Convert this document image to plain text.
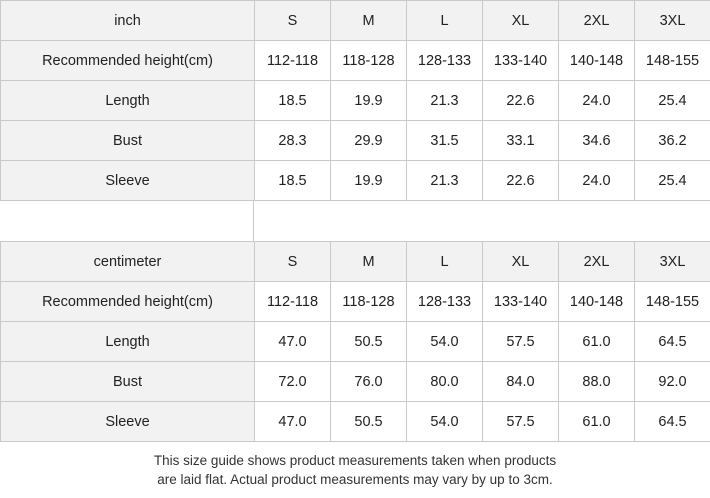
inch	S	M	L	XL	2XL	3XL
Recommended height(cm)	112-118	118-128	128-133	133-140	140-148	148-155
Length	18.5	19.9	21.3	22.6	24.0	25.4
Bust	28.3	29.9	31.5	33.1	34.6	36.2
Sleeve	18.5	19.9	21.3	22.6	24.0	25.4
centimeter	S	M	L	XL	2XL	3XL
Recommended height(cm)	112-118	118-128	128-133	133-140	140-148	148-155
Length	47.0	50.5	54.0	57.5	61.0	64.5
Bust	72.0	76.0	80.0	84.0	88.0	92.0
Sleeve	47.0	50.5	54.0	57.5	61.0	64.5
This size guide shows product measurements taken when products
are laid flat. Actual product measurements may vary by up to 3cm.
